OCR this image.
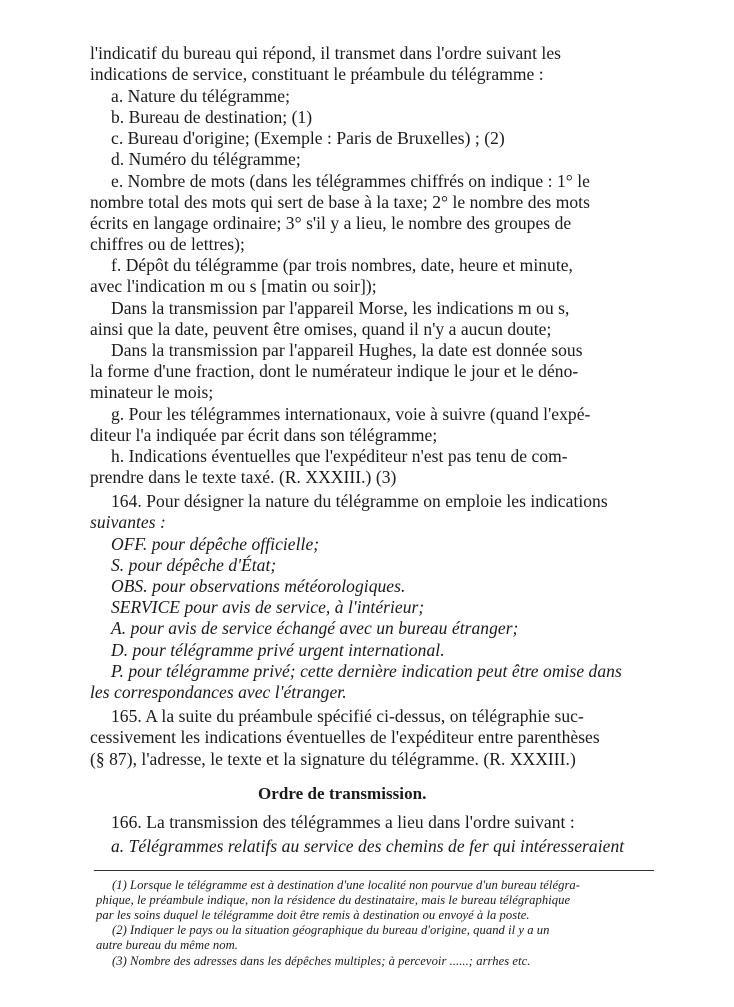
l'indicatif du bureau qui répond, il transmet dans l'ordre suivant les

indications de service, constituant le préambule du télégramme :

a. Nature du télégramme;

b. Bureau de destination; (1)

c. Bureau d'origine; (Exemple : Paris de Bruxelles) ; (2)

d. Numéro du télégramme;

e. Nombre de mots (dans les télégrammes chiffrés on indique : 1° le

nombre total des mots qui sert de base à la taxe; 2° le nombre des mots

écrits en langage ordinaire; 3° s'il y a lieu, le nombre des groupes de

chiffres ou de lettres);

f. Dépôt du télégramme (par trois nombres, date, heure et minute,

avec l'indication m ou s [matin ou soir]);

Dans la transmission par l'appareil Morse, les indications m ou s,

ainsi que la date, peuvent être omises, quand il n'y a aucun doute;

Dans la transmission par l'appareil Hughes, la date est donnée sous

la forme d'une fraction, dont le numérateur indique le jour et le déno-

minateur le mois;

g. Pour les télégrammes internationaux, voie à suivre (quand l'expé-

diteur l'a indiquée par écrit dans son télégramme;

h. Indications éventuelles que l'expéditeur n'est pas tenu de com-

prendre dans le texte taxé. (R. XXXIII.) (3)

164. Pour désigner la nature du télégramme on emploie les indications

suivantes :

OFF. pour dépêche officielle;

S. pour dépêche d'État;

OBS. pour observations météorologiques.

SERVICE pour avis de service, à l'intérieur;

A. pour avis de service échangé avec un bureau étranger;

D. pour télégramme privé urgent international.

P. pour télégramme privé; cette dernière indication peut être omise dans

les correspondances avec l'étranger.

165. A la suite du préambule spécifié ci-dessus, on télégraphie suc-

cessivement les indications éventuelles de l'expéditeur entre parenthèses

(§ 87), l'adresse, le texte et la signature du télégramme. (R. XXXIII.)

Ordre de transmission.

166. La transmission des télégrammes a lieu dans l'ordre suivant :

a. Télégrammes relatifs au service des chemins de fer qui intéresseraient

(1) Lorsque le télégramme est à destination d'une localité non pourvue d'un bureau télégra-

phique, le préambule indique, non la résidence du destinataire, mais le bureau télégraphique

par les soins duquel le télégramme doit être remis à destination ou envoyé à la poste.

(2) Indiquer le pays ou la situation géographique du bureau d'origine, quand il y a un

autre bureau du même nom.

(3) Nombre des adresses dans les dépêches multiples; à percevoir ......; arrhes etc.
